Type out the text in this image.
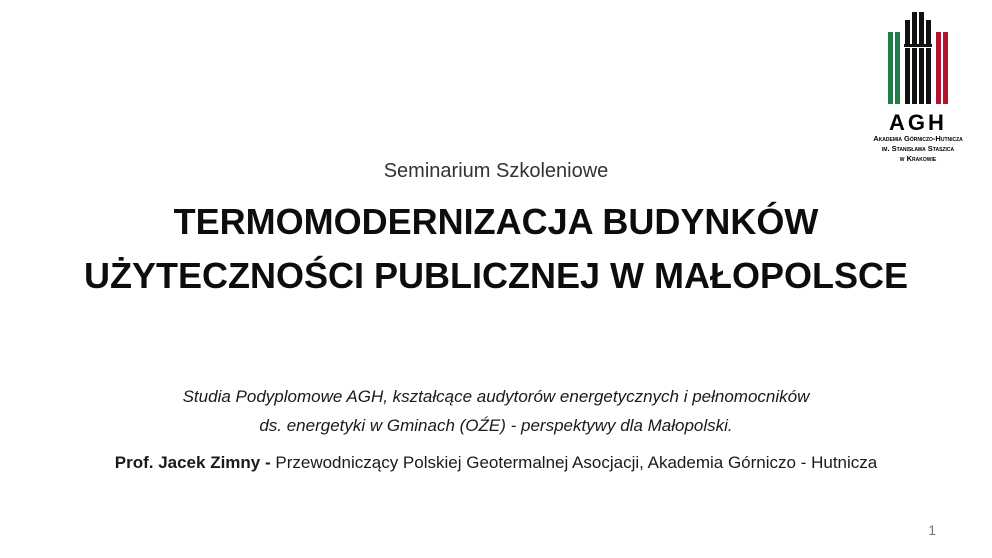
AGH
Akademia Górniczo-Hutnicza
im. Stanisława Staszica
w Krakowie
Seminarium Szkoleniowe
TERMOMODERNIZACJA BUDYNKÓW
UŻYTECZNOŚCI PUBLICZNEJ W MAŁOPOLSCE
Studia Podyplomowe AGH, kształcące audytorów energetycznych i pełnomocników
ds. energetyki w Gminach (OŹE) - perspektywy dla Małopolski.
Prof. Jacek Zimny - Przewodniczący Polskiej Geotermalnej Asocjacji, Akademia Górniczo - Hutnicza
1
